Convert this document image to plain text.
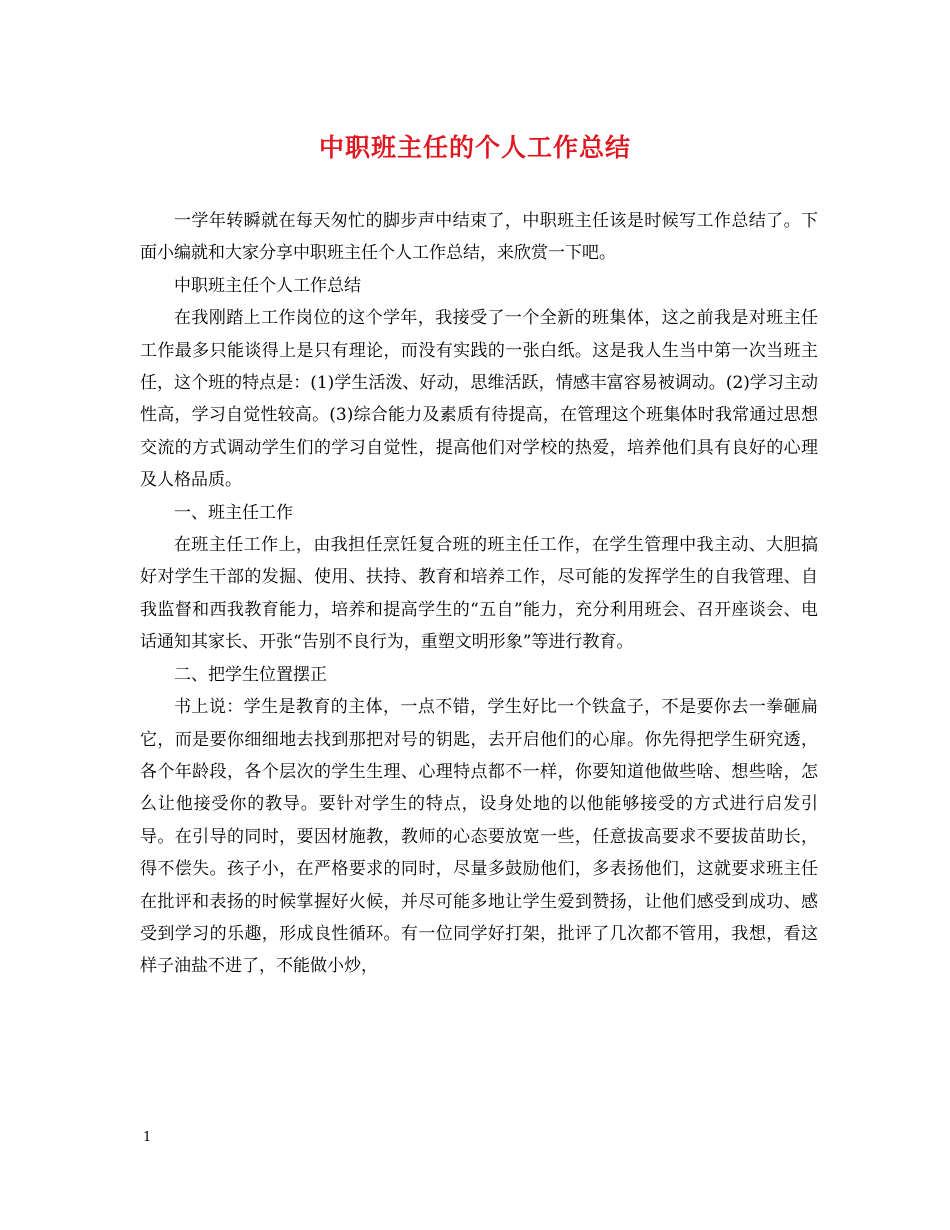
中职班主任的个人工作总结

一学年转瞬就在每天匆忙的脚步声中结束了，中职班主任该是时候写工作总结了。下面小编就和大家分享中职班主任个人工作总结，来欣赏一下吧。

中职班主任个人工作总结

在我刚踏上工作岗位的这个学年，我接受了一个全新的班集体，这之前我是对班主任工作最多只能谈得上是只有理论，而没有实践的一张白纸。这是我人生当中第一次当班主任，这个班的特点是：(1)学生活泼、好动，思维活跃，情感丰富容易被调动。(2)学习主动性高，学习自觉性较高。(3)综合能力及素质有待提高，在管理这个班集体时我常通过思想交流的方式调动学生们的学习自觉性，提高他们对学校的热爱，培养他们具有良好的心理及人格品质。

一、班主任工作

在班主任工作上，由我担任烹饪复合班的班主任工作，在学生管理中我主动、大胆搞好对学生干部的发掘、使用、扶持、教育和培养工作，尽可能的发挥学生的自我管理、自我监督和西我教育能力，培养和提高学生的“五自”能力，充分利用班会、召开座谈会、电话通知其家长、开张“告别不良行为，重塑文明形象”等进行教育。

二、把学生位置摆正

书上说：学生是教育的主体，一点不错，学生好比一个铁盒子，不是要你去一拳砸扁它，而是要你细细地去找到那把对号的钥匙，去开启他们的心扉。你先得把学生研究透，各个年龄段，各个层次的学生生理、心理特点都不一样，你要知道他做些啥、想些啥，怎么让他接受你的教导。要针对学生的特点，设身处地的以他能够接受的方式进行启发引导。在引导的同时，要因材施教，教师的心态要放宽一些，任意拔高要求不要拔苗助长，得不偿失。孩子小，在严格要求的同时，尽量多鼓励他们，多表扬他们，这就要求班主任在批评和表扬的时候掌握好火候，并尽可能多地让学生爱到赞扬，让他们感受到成功、感受到学习的乐趣，形成良性循环。有一位同学好打架，批评了几次都不管用，我想，看这样子油盐不进了，不能做小炒，

1
